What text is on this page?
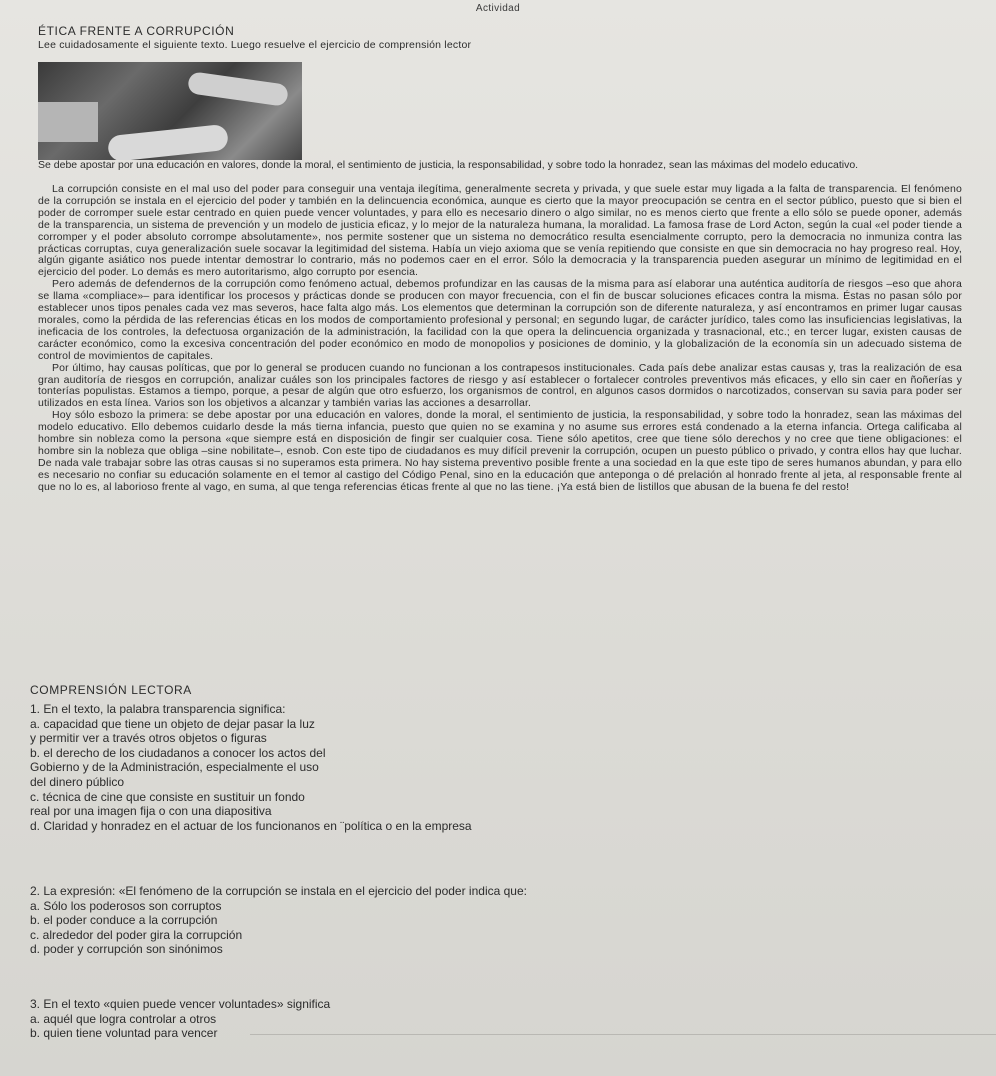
Actividad
ÉTICA FRENTE A CORRUPCIÓN
Lee cuidadosamente el siguiente texto. Luego resuelve el ejercicio de comprensión lector
Se debe apostar por una educación en valores, donde la moral, el sentimiento de justicia, la responsabilidad, y sobre todo la honradez, sean las máximas del modelo educativo.

La corrupción consiste en el mal uso del poder para conseguir una ventaja ilegítima, generalmente secreta y privada, y que suele estar muy ligada a la falta de transparencia. El fenómeno de la corrupción se instala en el ejercicio del poder y también en la delincuencia económica, aunque es cierto que la mayor preocupación se centra en el sector público, puesto que si bien el poder de corromper suele estar centrado en quien puede vencer voluntades, y para ello es necesario dinero o algo similar, no es menos cierto que frente a ello sólo se puede oponer, además de la transparencia, un sistema de prevención y un modelo de justicia eficaz, y lo mejor de la naturaleza humana, la moralidad. La famosa frase de Lord Acton, según la cual «el poder tiende a corromper y el poder absoluto corrompe absolutamente», nos permite sostener que un sistema no democrático resulta esencialmente corrupto, pero la democracia no inmuniza contra las prácticas corruptas, cuya generalización suele socavar la legitimidad del sistema. Había un viejo axioma que se venía repitiendo que consiste en que sin democracia no hay progreso real. Hoy, algún gigante asiático nos puede intentar demostrar lo contrario, más no podemos caer en el error. Sólo la democracia y la transparencia pueden asegurar un mínimo de legitimidad en el ejercicio del poder. Lo demás es mero autoritarismo, algo corrupto por esencia.

Pero además de defendernos de la corrupción como fenómeno actual, debemos profundizar en las causas de la misma para así elaborar una auténtica auditoría de riesgos –eso que ahora se llama «compliace»– para identificar los procesos y prácticas donde se producen con mayor frecuencia, con el fin de buscar soluciones eficaces contra la misma. Éstas no pasan sólo por establecer unos tipos penales cada vez mas severos, hace falta algo más. Los elementos que determinan la corrupción son de diferente naturaleza, y así encontramos en primer lugar causas morales, como la pérdida de las referencias éticas en los modos de comportamiento profesional y personal; en segundo lugar, de carácter jurídico, tales como las insuficiencias legislativas, la ineficacia de los controles, la defectuosa organización de la administración, la facilidad con la que opera la delincuencia organizada y trasnacional, etc.; en tercer lugar, existen causas de carácter económico, como la excesiva concentración del poder económico en modo de monopolios y posiciones de dominio, y la globalización de la economía sin un adecuado sistema de control de movimientos de capitales.

Por último, hay causas políticas, que por lo general se producen cuando no funcionan a los contrapesos institucionales. Cada país debe analizar estas causas y, tras la realización de esa gran auditoría de riesgos en corrupción, analizar cuáles son los principales factores de riesgo y así establecer o fortalecer controles preventivos más eficaces, y ello sin caer en ñoñerías y tonterías populistas. Estamos a tiempo, porque, a pesar de algún que otro esfuerzo, los organismos de control, en algunos casos dormidos o narcotizados, conservan su savia para poder ser utilizados en esta línea. Varios son los objetivos a alcanzar y también varias las acciones a desarrollar.

Hoy sólo esbozo la primera: se debe apostar por una educación en valores, donde la moral, el sentimiento de justicia, la responsabilidad, y sobre todo la honradez, sean las máximas del modelo educativo. Ello debemos cuidarlo desde la más tierna infancia, puesto que quien no se examina y no asume sus errores está condenado a la eterna infancia. Ortega calificaba al hombre sin nobleza como la persona «que siempre está en disposición de fingir ser cualquier cosa. Tiene sólo apetitos, cree que tiene sólo derechos y no cree que tiene obligaciones: el hombre sin la nobleza que obliga –sine nobilitate–, esnob. Con este tipo de ciudadanos es muy difícil prevenir la corrupción, ocupen un puesto público o privado, y contra ellos hay que luchar. De nada vale trabajar sobre las otras causas si no superamos esta primera. No hay sistema preventivo posible frente a una sociedad en la que este tipo de seres humanos abundan, y para ello es necesario no confiar su educación solamente en el temor al castigo del Código Penal, sino en la educación que anteponga o dé prelación al honrado frente al jeta, al responsable frente al que no lo es, al laborioso frente al vago, en suma, al que tenga referencias éticas frente al que no las tiene. ¡Ya está bien de listillos que abusan de la buena fe del resto!

COMPRENSIÓN LECTORA
1. En el texto, la palabra transparencia significa:
a. capacidad que tiene un objeto de dejar pasar la luz
y permitir ver a través otros objetos o figuras
b. el derecho de los ciudadanos a conocer los actos del
Gobierno y de la Administración, especialmente el uso
del dinero público
c. técnica de cine que consiste en sustituir un fondo
real por una imagen fija o con una diapositiva
d. Claridad y honradez en el actuar de los funcionanos en ¨política o en la empresa
2. La expresión: «El fenómeno de la corrupción se instala en el ejercicio del poder indica que:
a. Sólo los poderosos son corruptos
b. el poder conduce a la corrupción
c. alrededor del poder gira la corrupción
d. poder y corrupción son sinónimos
3. En el texto «quien puede vencer voluntades» significa
a. aquél que logra controlar a otros
b. quien tiene voluntad para vencer
